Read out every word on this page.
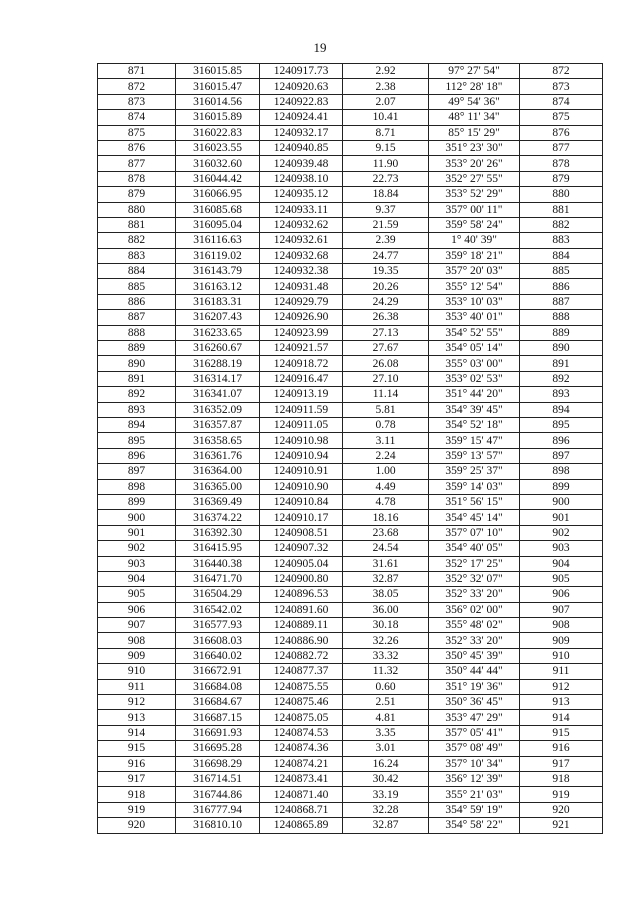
19
871	316015.85	1240917.73	2.92	97° 27' 54"	872
872	316015.47	1240920.63	2.38	112° 28' 18"	873
873	316014.56	1240922.83	2.07	49° 54' 36"	874
874	316015.89	1240924.41	10.41	48° 11' 34"	875
875	316022.83	1240932.17	8.71	85° 15' 29"	876
876	316023.55	1240940.85	9.15	351° 23' 30"	877
877	316032.60	1240939.48	11.90	353° 20' 26"	878
878	316044.42	1240938.10	22.73	352° 27' 55"	879
879	316066.95	1240935.12	18.84	353° 52' 29"	880
880	316085.68	1240933.11	9.37	357° 00' 11"	881
881	316095.04	1240932.62	21.59	359° 58' 24"	882
882	316116.63	1240932.61	2.39	1° 40' 39"	883
883	316119.02	1240932.68	24.77	359° 18' 21"	884
884	316143.79	1240932.38	19.35	357° 20' 03"	885
885	316163.12	1240931.48	20.26	355° 12' 54"	886
886	316183.31	1240929.79	24.29	353° 10' 03"	887
887	316207.43	1240926.90	26.38	353° 40' 01"	888
888	316233.65	1240923.99	27.13	354° 52' 55"	889
889	316260.67	1240921.57	27.67	354° 05' 14"	890
890	316288.19	1240918.72	26.08	355° 03' 00"	891
891	316314.17	1240916.47	27.10	353° 02' 53"	892
892	316341.07	1240913.19	11.14	351° 44' 20"	893
893	316352.09	1240911.59	5.81	354° 39' 45"	894
894	316357.87	1240911.05	0.78	354° 52' 18"	895
895	316358.65	1240910.98	3.11	359° 15' 47"	896
896	316361.76	1240910.94	2.24	359° 13' 57"	897
897	316364.00	1240910.91	1.00	359° 25' 37"	898
898	316365.00	1240910.90	4.49	359° 14' 03"	899
899	316369.49	1240910.84	4.78	351° 56' 15"	900
900	316374.22	1240910.17	18.16	354° 45' 14"	901
901	316392.30	1240908.51	23.68	357° 07' 10"	902
902	316415.95	1240907.32	24.54	354° 40' 05"	903
903	316440.38	1240905.04	31.61	352° 17' 25"	904
904	316471.70	1240900.80	32.87	352° 32' 07"	905
905	316504.29	1240896.53	38.05	352° 33' 20"	906
906	316542.02	1240891.60	36.00	356° 02' 00"	907
907	316577.93	1240889.11	30.18	355° 48' 02"	908
908	316608.03	1240886.90	32.26	352° 33' 20"	909
909	316640.02	1240882.72	33.32	350° 45' 39"	910
910	316672.91	1240877.37	11.32	350° 44' 44"	911
911	316684.08	1240875.55	0.60	351° 19' 36"	912
912	316684.67	1240875.46	2.51	350° 36' 45"	913
913	316687.15	1240875.05	4.81	353° 47' 29"	914
914	316691.93	1240874.53	3.35	357° 05' 41"	915
915	316695.28	1240874.36	3.01	357° 08' 49"	916
916	316698.29	1240874.21	16.24	357° 10' 34"	917
917	316714.51	1240873.41	30.42	356° 12' 39"	918
918	316744.86	1240871.40	33.19	355° 21' 03"	919
919	316777.94	1240868.71	32.28	354° 59' 19"	920
920	316810.10	1240865.89	32.87	354° 58' 22"	921
